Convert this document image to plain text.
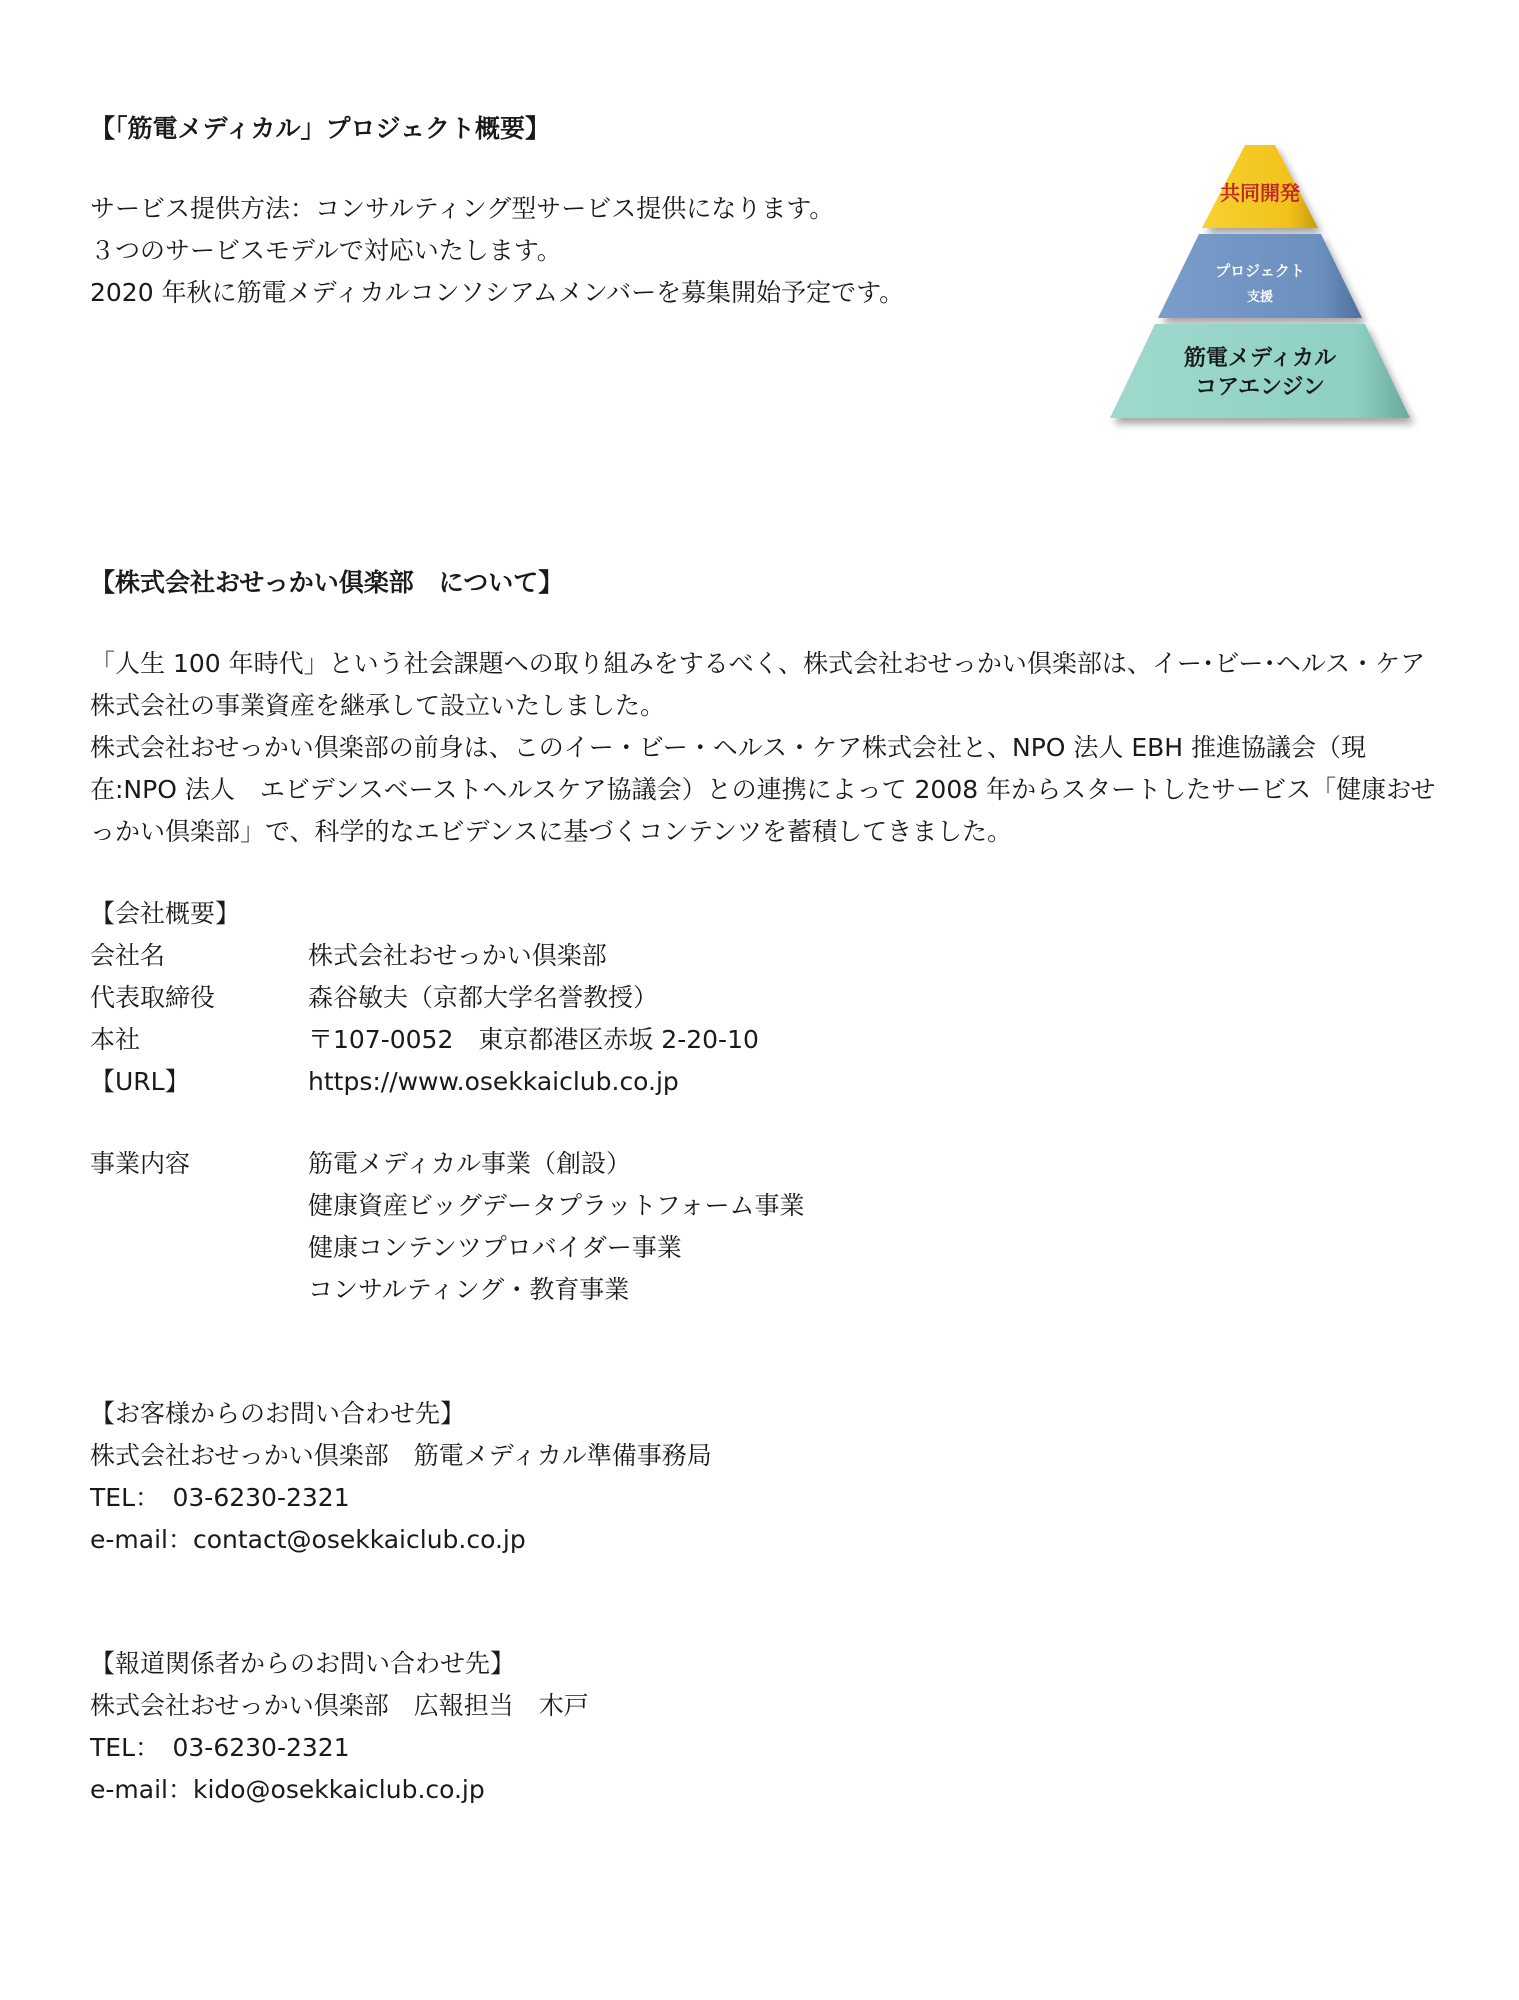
【「筋電メディカル」プロジェクト概要】
サービス提供方法：コンサルティング型サービス提供になります。
３つのサービスモデルで対応いたします。
2020 年秋に筋電メディカルコンソシアムメンバーを募集開始予定です。
共同開発
プロジェクト
支援
筋電メディカル
コアエンジン
【株式会社おせっかい倶楽部　について】

「人生 100 年時代」という社会課題への取り組みをするべく、株式会社おせっかい倶楽部は、イー･ビー･ヘルス・ケア株式会社の事業資産を継承して設立いたしました。

株式会社おせっかい倶楽部の前身は、このイー・ビー・ヘルス・ケア株式会社と、NPO 法人 EBH 推進協議会（現在:NPO 法人　エビデンスベーストヘルスケア協議会）との連携によって 2008 年からスタートしたサービス「健康おせっかい倶楽部」で、科学的なエビデンスに基づくコンテンツを蓄積してきました。

【会社概要】
会社名	株式会社おせっかい倶楽部
代表取締役	森谷敏夫（京都大学名誉教授）
本社	〒107-0052　東京都港区赤坂 2-20-10
【URL】	https://www.osekkaiclub.co.jp
事業内容	筋電メディカル事業（創設）
健康資産ビッグデータプラットフォーム事業
健康コンテンツプロバイダー事業
コンサルティング・教育事業
【お客様からのお問い合わせ先】
株式会社おせっかい倶楽部　筋電メディカル準備事務局
TEL：　03-6230-2321
e-mail：contact@osekkaiclub.co.jp
【報道関係者からのお問い合わせ先】
株式会社おせっかい倶楽部　広報担当　木戸
TEL：　03-6230-2321
e-mail：kido@osekkaiclub.co.jp
